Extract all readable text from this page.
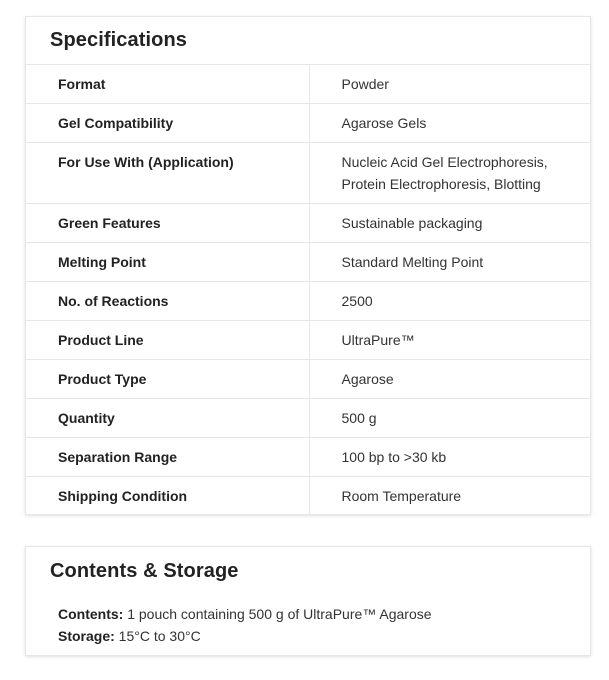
Specifications
Format	Powder
Gel Compatibility	Agarose Gels
For Use With (Application)	Nucleic Acid Gel Electrophoresis, Protein Electrophoresis, Blotting
Green Features	Sustainable packaging
Melting Point	Standard Melting Point
No. of Reactions	2500
Product Line	UltraPure™
Product Type	Agarose
Quantity	500 g
Separation Range	100 bp to >30 kb
Shipping Condition	Room Temperature
Contents & Storage
Contents: 1 pouch containing 500 g of UltraPure™ Agarose
Storage: 15°C to 30°C
